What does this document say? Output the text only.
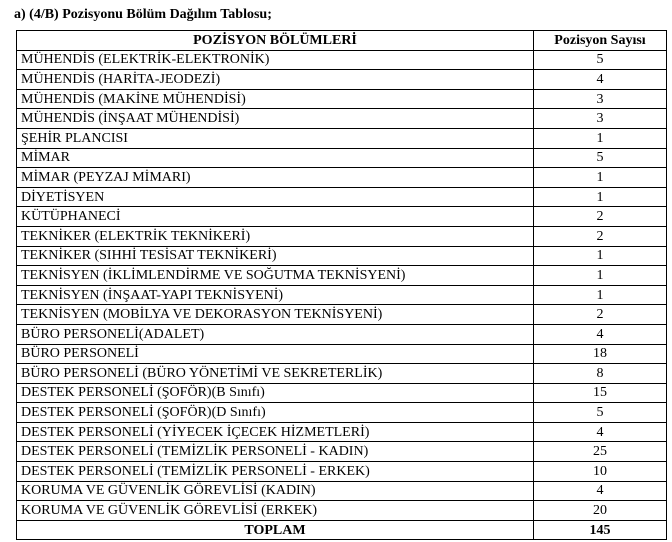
a) (4/B) Pozisyonu Bölüm Dağılım Tablosu;
POZİSYON BÖLÜMLERİ	Pozisyon Sayısı
MÜHENDİS (ELEKTRİK-ELEKTRONİK)	5
MÜHENDİS (HARİTA-JEODEZİ)	4
MÜHENDİS (MAKİNE MÜHENDİSİ)	3
MÜHENDİS (İNŞAAT MÜHENDİSİ)	3
ŞEHİR PLANCISI	1
MİMAR	5
MİMAR (PEYZAJ MİMARI)	1
DİYETİSYEN	1
KÜTÜPHANECİ	2
TEKNİKER (ELEKTRİK TEKNİKERİ)	2
TEKNİKER (SIHHİ TESİSAT TEKNİKERİ)	1
TEKNİSYEN (İKLİMLENDİRME VE SOĞUTMA TEKNİSYENİ)	1
TEKNİSYEN (İNŞAAT-YAPI TEKNİSYENİ)	1
TEKNİSYEN (MOBİLYA VE DEKORASYON TEKNİSYENİ)	2
BÜRO PERSONELİ(ADALET)	4
BÜRO PERSONELİ	18
BÜRO PERSONELİ (BÜRO YÖNETİMİ VE SEKRETERLİK)	8
DESTEK PERSONELİ (ŞOFÖR)(B Sınıfı)	15
DESTEK PERSONELİ (ŞOFÖR)(D Sınıfı)	5
DESTEK PERSONELİ (YİYECEK İÇECEK HİZMETLERİ)	4
DESTEK PERSONELİ (TEMİZLİK PERSONELİ - KADIN)	25
DESTEK PERSONELİ (TEMİZLİK PERSONELİ - ERKEK)	10
KORUMA VE GÜVENLİK GÖREVLİSİ (KADIN)	4
KORUMA VE GÜVENLİK GÖREVLİSİ (ERKEK)	20
TOPLAM	145
